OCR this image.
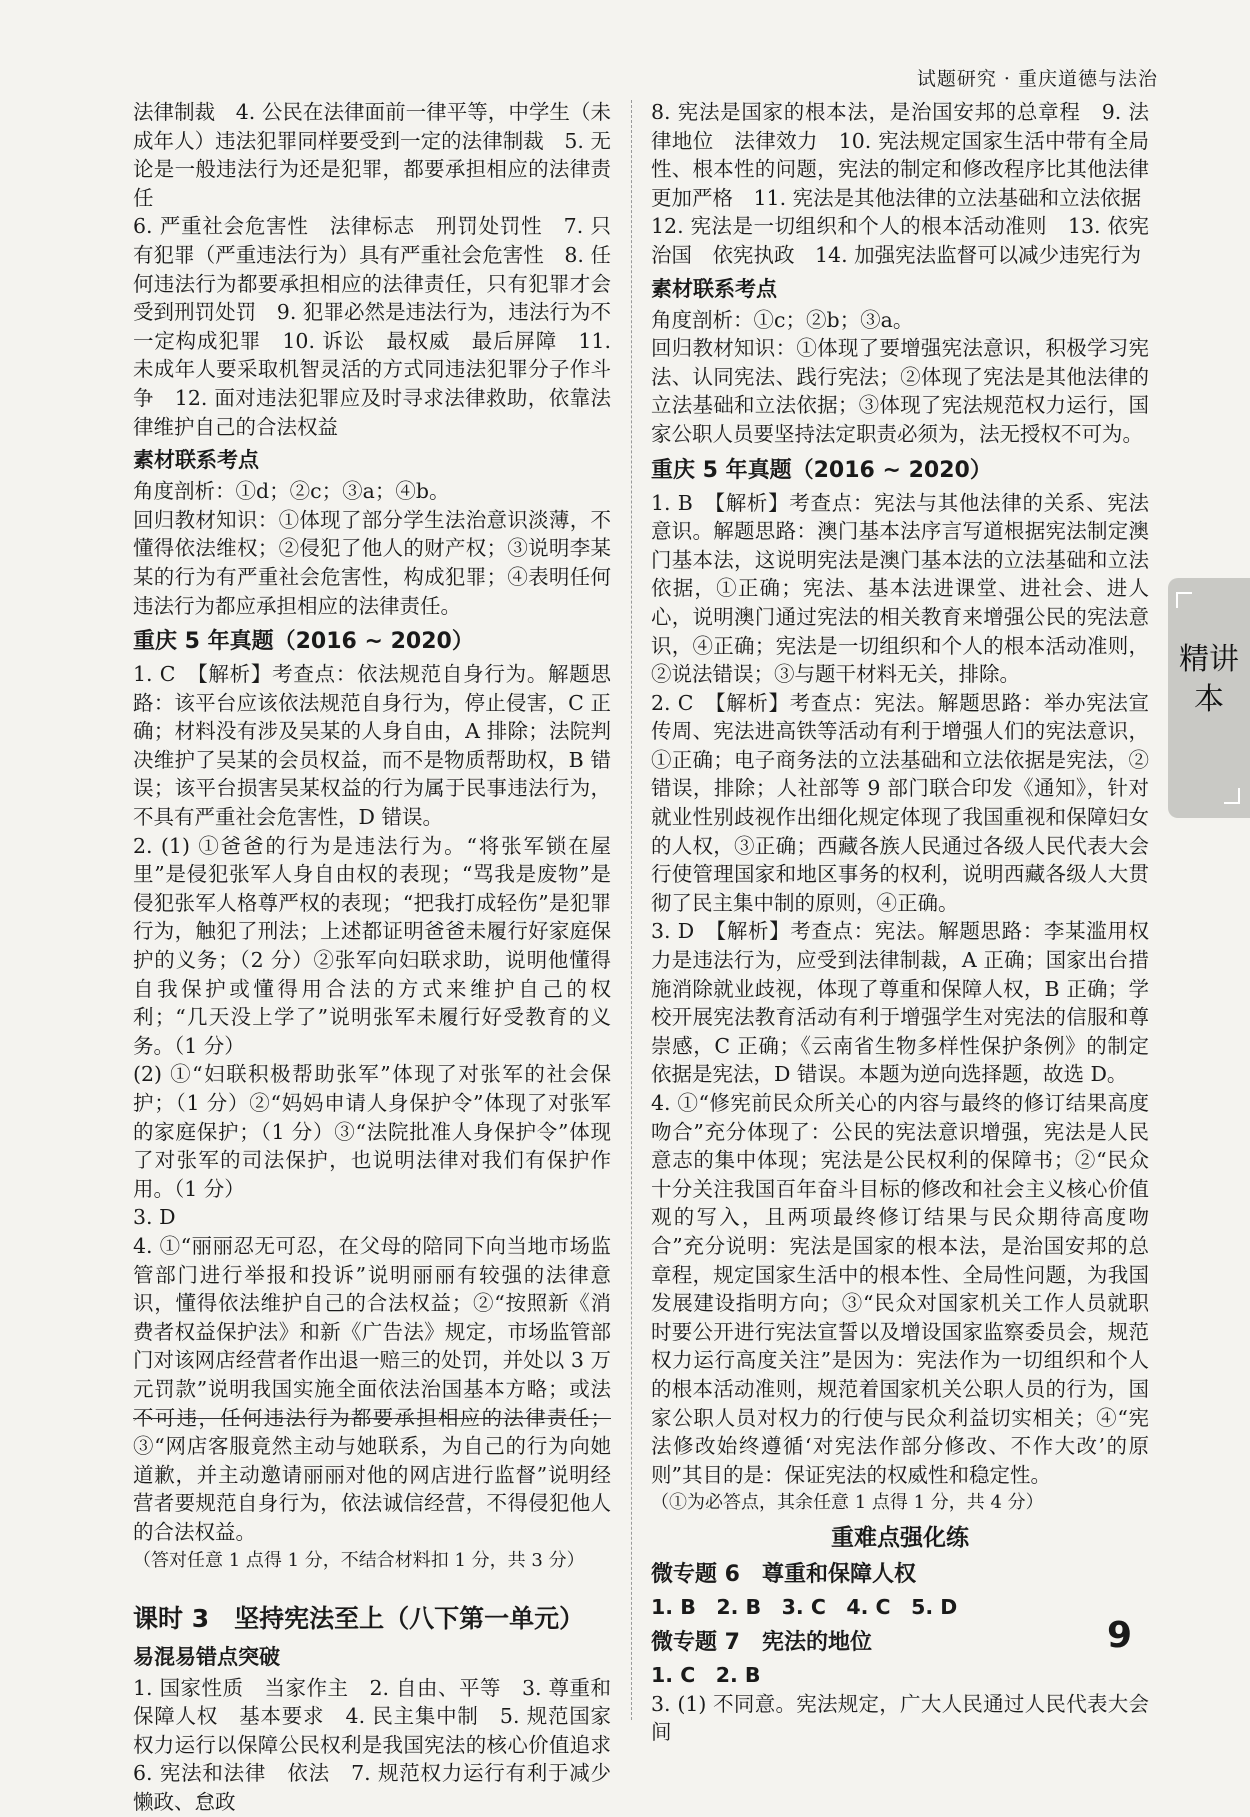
试题研究 · 重庆道德与法治

法律制裁　4. 公民在法律面前一律平等，中学生（未成年人）违法犯罪同样要受到一定的法律制裁　5. 无论是一般违法行为还是犯罪，都要承担相应的法律责任

6. 严重社会危害性　法律标志　刑罚处罚性　7. 只有犯罪（严重违法行为）具有严重社会危害性　8. 任何违法行为都要承担相应的法律责任，只有犯罪才会受到刑罚处罚　9. 犯罪必然是违法行为，违法行为不一定构成犯罪　10. 诉讼　最权威　最后屏障　11. 未成年人要采取机智灵活的方式同违法犯罪分子作斗争　12. 面对违法犯罪应及时寻求法律救助，依靠法律维护自己的合法权益

素材联系考点

角度剖析：①d；②c；③a；④b。

回归教材知识：①体现了部分学生法治意识淡薄，不懂得依法维权；②侵犯了他人的财产权；③说明李某某的行为有严重社会危害性，构成犯罪；④表明任何违法行为都应承担相应的法律责任。

重庆 5 年真题（2016 ~ 2020）

1. C　【解析】考查点：依法规范自身行为。解题思路：该平台应该依法规范自身行为，停止侵害，C 正确；材料没有涉及吴某的人身自由，A 排除；法院判决维护了吴某的会员权益，而不是物质帮助权，B 错误；该平台损害吴某权益的行为属于民事违法行为，不具有严重社会危害性，D 错误。

2. (1) ①爸爸的行为是违法行为。“将张军锁在屋里”是侵犯张军人身自由权的表现；“骂我是废物”是侵犯张军人格尊严权的表现；“把我打成轻伤”是犯罪行为，触犯了刑法；上述都证明爸爸未履行好家庭保护的义务；（2 分）②张军向妇联求助，说明他懂得自我保护或懂得用合法的方式来维护自己的权利；“几天没上学了”说明张军未履行好受教育的义务。（1 分）

(2) ①“妇联积极帮助张军”体现了对张军的社会保护；（1 分）②“妈妈申请人身保护令”体现了对张军的家庭保护；（1 分）③“法院批准人身保护令”体现了对张军的司法保护，也说明法律对我们有保护作用。（1 分）

3. D

4. ①“丽丽忍无可忍，在父母的陪同下向当地市场监管部门进行举报和投诉”说明丽丽有较强的法律意识，懂得依法维护自己的合法权益；②“按照新《消费者权益保护法》和新《广告法》规定，市场监管部门对该网店经营者作出退一赔三的处罚，并处以 3 万元罚款”说明我国实施全面依法治国基本方略；或法不可违，任何违法行为都要承担相应的法律责任；③“网店客服竟然主动与她联系，为自己的行为向她道歉，并主动邀请丽丽对他的网店进行监督”说明经营者要规范自身行为，依法诚信经营，不得侵犯他人的合法权益。

（答对任意 1 点得 1 分，不结合材料扣 1 分，共 3 分）

课时 3　坚持宪法至上（八下第一单元）
易混易错点突破

1. 国家性质　当家作主　2. 自由、平等　3. 尊重和保障人权　基本要求　4. 民主集中制　5. 规范国家权力运行以保障公民权利是我国宪法的核心价值追求　6. 宪法和法律　依法　7. 规范权力运行有利于减少懒政、怠政

8. 宪法是国家的根本法，是治国安邦的总章程　9. 法律地位　法律效力　10. 宪法规定国家生活中带有全局性、根本性的问题，宪法的制定和修改程序比其他法律更加严格　11. 宪法是其他法律的立法基础和立法依据

12. 宪法是一切组织和个人的根本活动准则　13. 依宪治国　依宪执政　14. 加强宪法监督可以减少违宪行为

素材联系考点

角度剖析：①c；②b；③a。

回归教材知识：①体现了要增强宪法意识，积极学习宪法、认同宪法、践行宪法；②体现了宪法是其他法律的立法基础和立法依据；③体现了宪法规范权力运行，国家公职人员要坚持法定职责必须为，法无授权不可为。

重庆 5 年真题（2016 ~ 2020）

1. B　【解析】考查点：宪法与其他法律的关系、宪法意识。解题思路：澳门基本法序言写道根据宪法制定澳门基本法，这说明宪法是澳门基本法的立法基础和立法依据，①正确；宪法、基本法进课堂、进社会、进人心，说明澳门通过宪法的相关教育来增强公民的宪法意识，④正确；宪法是一切组织和个人的根本活动准则，②说法错误；③与题干材料无关，排除。

2. C　【解析】考查点：宪法。解题思路：举办宪法宣传周、宪法进高铁等活动有利于增强人们的宪法意识，①正确；电子商务法的立法基础和立法依据是宪法，②错误，排除；人社部等 9 部门联合印发《通知》，针对就业性别歧视作出细化规定体现了我国重视和保障妇女的人权，③正确；西藏各族人民通过各级人民代表大会行使管理国家和地区事务的权利，说明西藏各级人大贯彻了民主集中制的原则，④正确。

3. D　【解析】考查点：宪法。解题思路：李某滥用权力是违法行为，应受到法律制裁，A 正确；国家出台措施消除就业歧视，体现了尊重和保障人权，B 正确；学校开展宪法教育活动有利于增强学生对宪法的信服和尊崇感，C 正确；《云南省生物多样性保护条例》的制定依据是宪法，D 错误。本题为逆向选择题，故选 D。

4. ①“修宪前民众所关心的内容与最终的修订结果高度吻合”充分体现了：公民的宪法意识增强，宪法是人民意志的集中体现；宪法是公民权利的保障书；②“民众十分关注我国百年奋斗目标的修改和社会主义核心价值观的写入，且两项最终修订结果与民众期待高度吻合”充分说明：宪法是国家的根本法，是治国安邦的总章程，规定国家生活中的根本性、全局性问题，为我国发展建设指明方向；③“民众对国家机关工作人员就职时要公开进行宪法宣誓以及增设国家监察委员会，规范权力运行高度关注”是因为：宪法作为一切组织和个人的根本活动准则，规范着国家机关公职人员的行为，国家公职人员对权力的行使与民众利益切实相关；④“宪法修改始终遵循‘对宪法作部分修改、不作大改’的原则”其目的是：保证宪法的权威性和稳定性。

（①为必答点，其余任意 1 点得 1 分，共 4 分）

重难点强化练
微专题 6　尊重和保障人权

1. B　2. B　3. C　4. C　5. D

微专题 7　宪法的地位

1. C　2. B

3. (1) 不同意。宪法规定，广大人民通过人民代表大会间

精讲本
9
